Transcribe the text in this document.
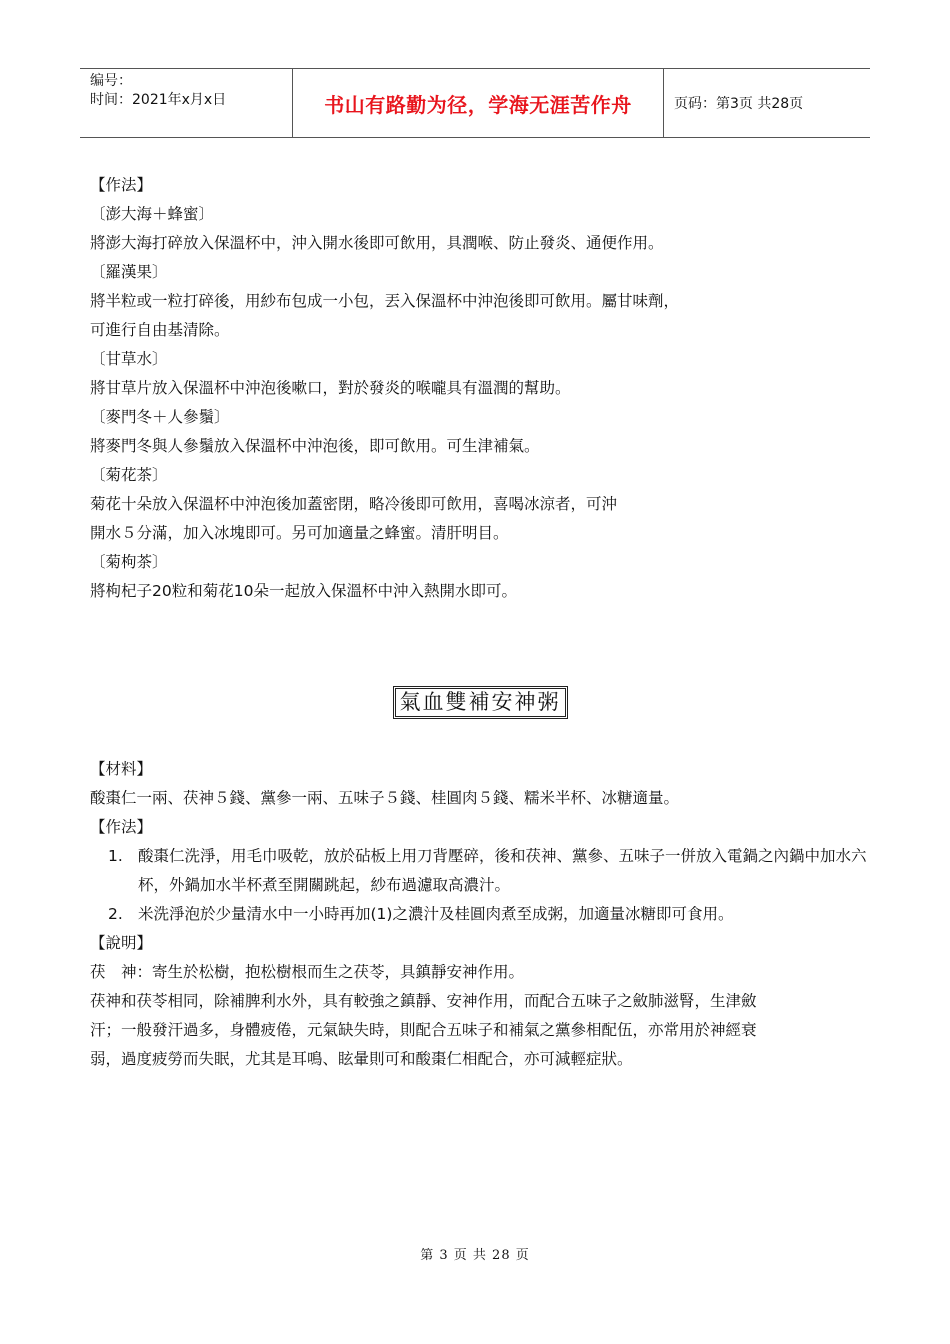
编号：
时间：2021年x月x日	书山有路勤为径，学海无涯苦作舟	页码：第3页 共28页

【作法】

〔澎大海＋蜂蜜〕

將澎大海打碎放入保溫杯中，沖入開水後即可飲用，具潤喉、防止發炎、通便作用。

〔羅漢果〕

將半粒或一粒打碎後，用紗布包成一小包，丟入保溫杯中沖泡後即可飲用。屬甘味劑，

可進行自由基清除。

〔甘草水〕

將甘草片放入保溫杯中沖泡後嗽口，對於發炎的喉嚨具有溫潤的幫助。

〔麥門冬＋人參鬚〕

將麥門冬與人參鬚放入保溫杯中沖泡後，即可飲用。可生津補氣。

〔菊花茶〕

菊花十朵放入保溫杯中沖泡後加蓋密閉，略冷後即可飲用，喜喝冰涼者，可沖

開水５分滿，加入冰塊即可。另可加適量之蜂蜜。清肝明目。

〔菊枸茶〕

將枸杞子20粒和菊花10朵一起放入保溫杯中沖入熱開水即可。

氣血雙補安神粥

【材料】

酸棗仁一兩、茯神５錢、黨參一兩、五味子５錢、桂圓肉５錢、糯米半杯、冰糖適量。

【作法】

1. 酸棗仁洗淨，用毛巾吸乾，放於砧板上用刀背壓碎，後和茯神、黨參、五味子一併放入電鍋之內鍋中加水六杯，外鍋加水半杯煮至開關跳起，紗布過濾取高濃汁。
2. 米洗淨泡於少量清水中一小時再加(1)之濃汁及桂圓肉煮至成粥，加適量冰糖即可食用。

【說明】

茯　神：寄生於松樹，抱松樹根而生之茯苓，具鎮靜安神作用。

茯神和茯苓相同，除補脾利水外，具有較強之鎮靜、安神作用，而配合五味子之斂肺滋腎，生津斂

汗；一般發汗過多，身體疲倦，元氣缺失時，則配合五味子和補氣之黨參相配伍，亦常用於神經衰

弱，過度疲勞而失眠，尤其是耳鳴、眩暈則可和酸棗仁相配合，亦可減輕症狀。

第 3 页 共 28 页
